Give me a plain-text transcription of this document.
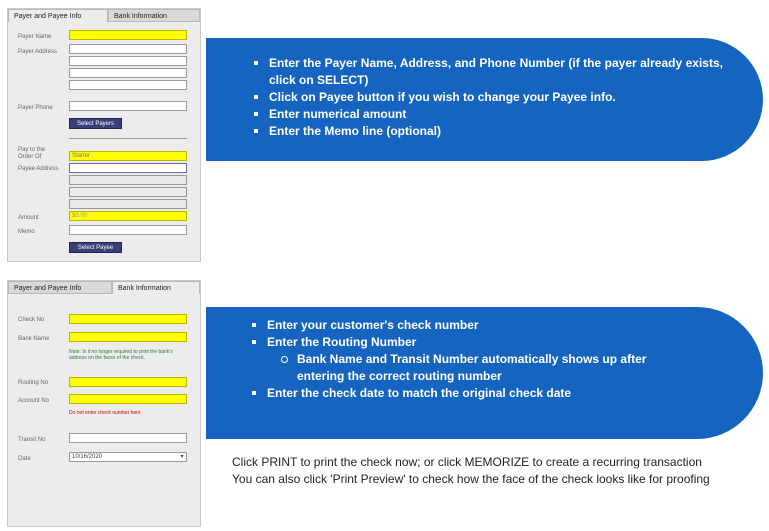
Payer and Payee Info	Bank Information
Payer Name
Payer Address
Payer Phone
Select Payers
Pay to the
Order Of	Starter
Payee Address
Amount	$0.00
Memo
Select Payee
Payer and Payee Info	Bank Information
Check No
Bank Name
Note: Is it no longer required to print the bank's address on the faces of the check.
Routing No
Account No
Do not enter check number here
Transit No
Date	10/16/2020	▾
Enter the Payer Name, Address, and Phone Number (if the payer already exists, click on SELECT)
Click on Payee button if you wish to change your Payee info.
Enter numerical amount
Enter the Memo line (optional)
Enter your customer's check number
Enter the Routing Number
Bank Name and Transit Number automatically shows up after entering the correct routing number
Enter the check date to match the original check date

Click PRINT to print the check now; or click MEMORIZE to create a recurring transaction

You can also click 'Print Preview' to check how the face of the check looks like for proofing
